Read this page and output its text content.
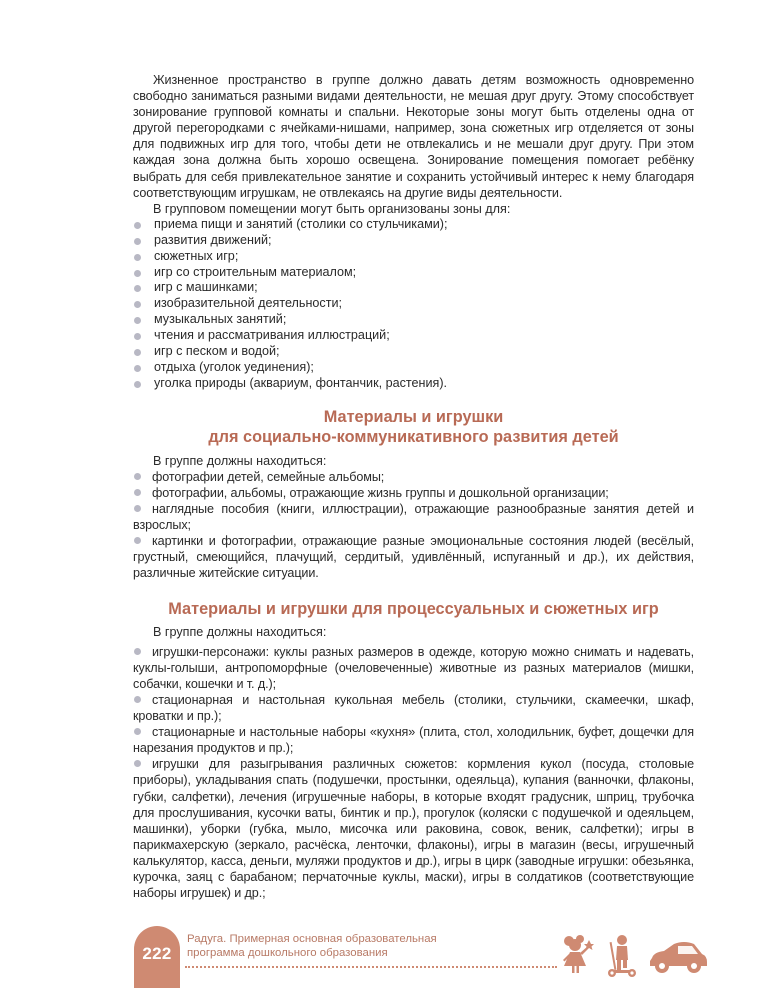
Жизненное пространство в группе должно давать детям возможность одновременно свободно заниматься разными видами деятельности, не мешая друг другу. Этому способствует зонирование групповой комнаты и спальни. Некоторые зоны могут быть отделены одна от другой перегородками с ячейками-нишами, например, зона сюжетных игр отделяется от зоны для подвижных игр для того, чтобы дети не отвлекались и не мешали друг другу. При этом каждая зона должна быть хорошо освещена. Зонирование помещения помогает ребёнку выбрать для себя привлекательное занятие и сохранить устойчивый интерес к нему благодаря соответствующим игрушкам, не отвлекаясь на другие виды деятельности.

В групповом помещении могут быть организованы зоны для:

приема пищи и занятий (столики со стульчиками);
развития движений;
сюжетных игр;
игр со строительным материалом;
игр с машинками;
изобразительной деятельности;
музыкальных занятий;
чтения и рассматривания иллюстраций;
игр с песком и водой;
отдыха (уголок уединения);
уголка природы (аквариум, фонтанчик, растения).
Материалы и игрушки
для социально-коммуникативного развития детей

В группе должны находиться:

фотографии детей, семейные альбомы;
фотографии, альбомы, отражающие жизнь группы и дошкольной организации;
наглядные пособия (книги, иллюстрации), отражающие разнообразные занятия детей и взрослых;
картинки и фотографии, отражающие разные эмоциональные состояния людей (весёлый, грустный, смеющийся, плачущий, сердитый, удивлённый, испуганный и др.), их действия, различные житейские ситуации.
Материалы и игрушки для процессуальных и сюжетных игр

В группе должны находиться:

игрушки-персонажи: куклы разных размеров в одежде, которую можно снимать и надевать, куклы-голыши, антропоморфные (очеловеченные) животные из разных материалов (мишки, собачки, кошечки и т. д.);
стационарная и настольная кукольная мебель (столики, стульчики, скамеечки, шкаф, кроватки и пр.);
стационарные и настольные наборы «кухня» (плита, стол, холодильник, буфет, дощечки для нарезания продуктов и пр.);
игрушки для разыгрывания различных сюжетов: кормления кукол (посуда, столовые приборы), укладывания спать (подушечки, простынки, одеяльца), купания (ванночки, флаконы, губки, салфетки), лечения (игрушечные наборы, в которые входят градусник, шприц, трубочка для прослушивания, кусочки ваты, бинтик и пр.), прогулок (коляски с подушечкой и одеяльцем, машинки), уборки (губка, мыло, мисочка или раковина, совок, веник, салфетки); игры в парикмахерскую (зеркало, расчёска, ленточки, флаконы), игры в магазин (весы, игрушечный калькулятор, касса, деньги, муляжи продуктов и др.), игры в цирк (заводные игрушки: обезьянка, курочка, заяц с барабаном; перчаточные куклы, маски), игры в солдатиков (соответствующие наборы игрушек) и др.;
222
Радуга. Примерная основная образовательная
программа дошкольного образования
